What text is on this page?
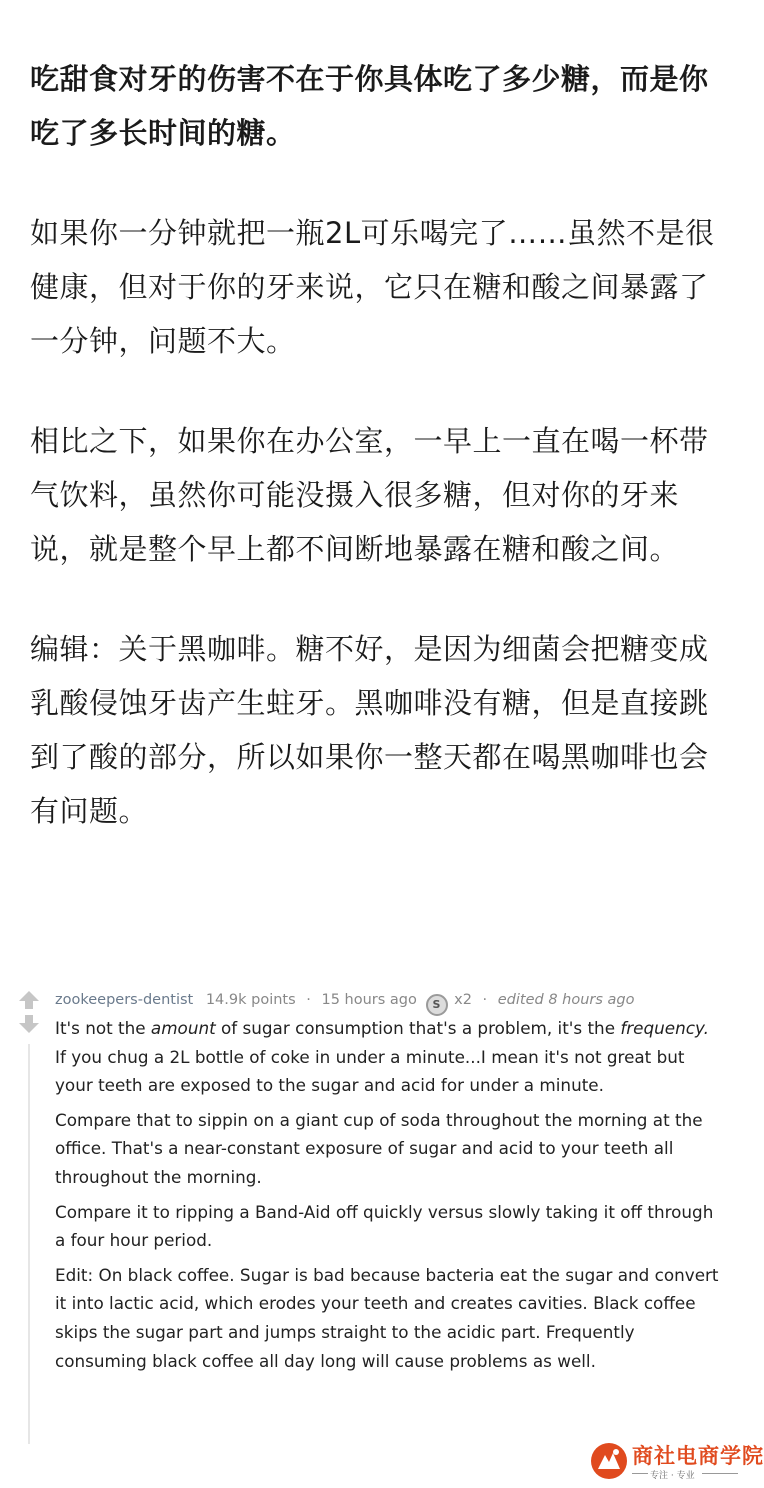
吃甜食对牙的伤害不在于你具体吃了多少糖，而是你吃了多长时间的糖。

如果你一分钟就把一瓶2L可乐喝完了……虽然不是很健康，但对于你的牙来说，它只在糖和酸之间暴露了一分钟，问题不大。

相比之下，如果你在办公室，一早上一直在喝一杯带气饮料，虽然你可能没摄入很多糖，但对你的牙来说，就是整个早上都不间断地暴露在糖和酸之间。

编辑：关于黑咖啡。糖不好，是因为细菌会把糖变成乳酸侵蚀牙齿产生蛀牙。黑咖啡没有糖，但是直接跳到了酸的部分，所以如果你一整天都在喝黑咖啡也会有问题。

zookeepers-dentist 14.9k points · 15 hours ago S x2 · edited 8 hours ago

It's not the amount of sugar consumption that's a problem, it's the frequency. If you chug a 2L bottle of coke in under a minute...I mean it's not great but your teeth are exposed to the sugar and acid for under a minute.

Compare that to sippin on a giant cup of soda throughout the morning at the office. That's a near-constant exposure of sugar and acid to your teeth all throughout the morning.

Compare it to ripping a Band-Aid off quickly versus slowly taking it off through a four hour period.

Edit: On black coffee. Sugar is bad because bacteria eat the sugar and convert it into lactic acid, which erodes your teeth and creates cavities. Black coffee skips the sugar part and jumps straight to the acidic part. Frequently consuming black coffee all day long will cause problems as well.

商社电商学院
专注 · 专业
